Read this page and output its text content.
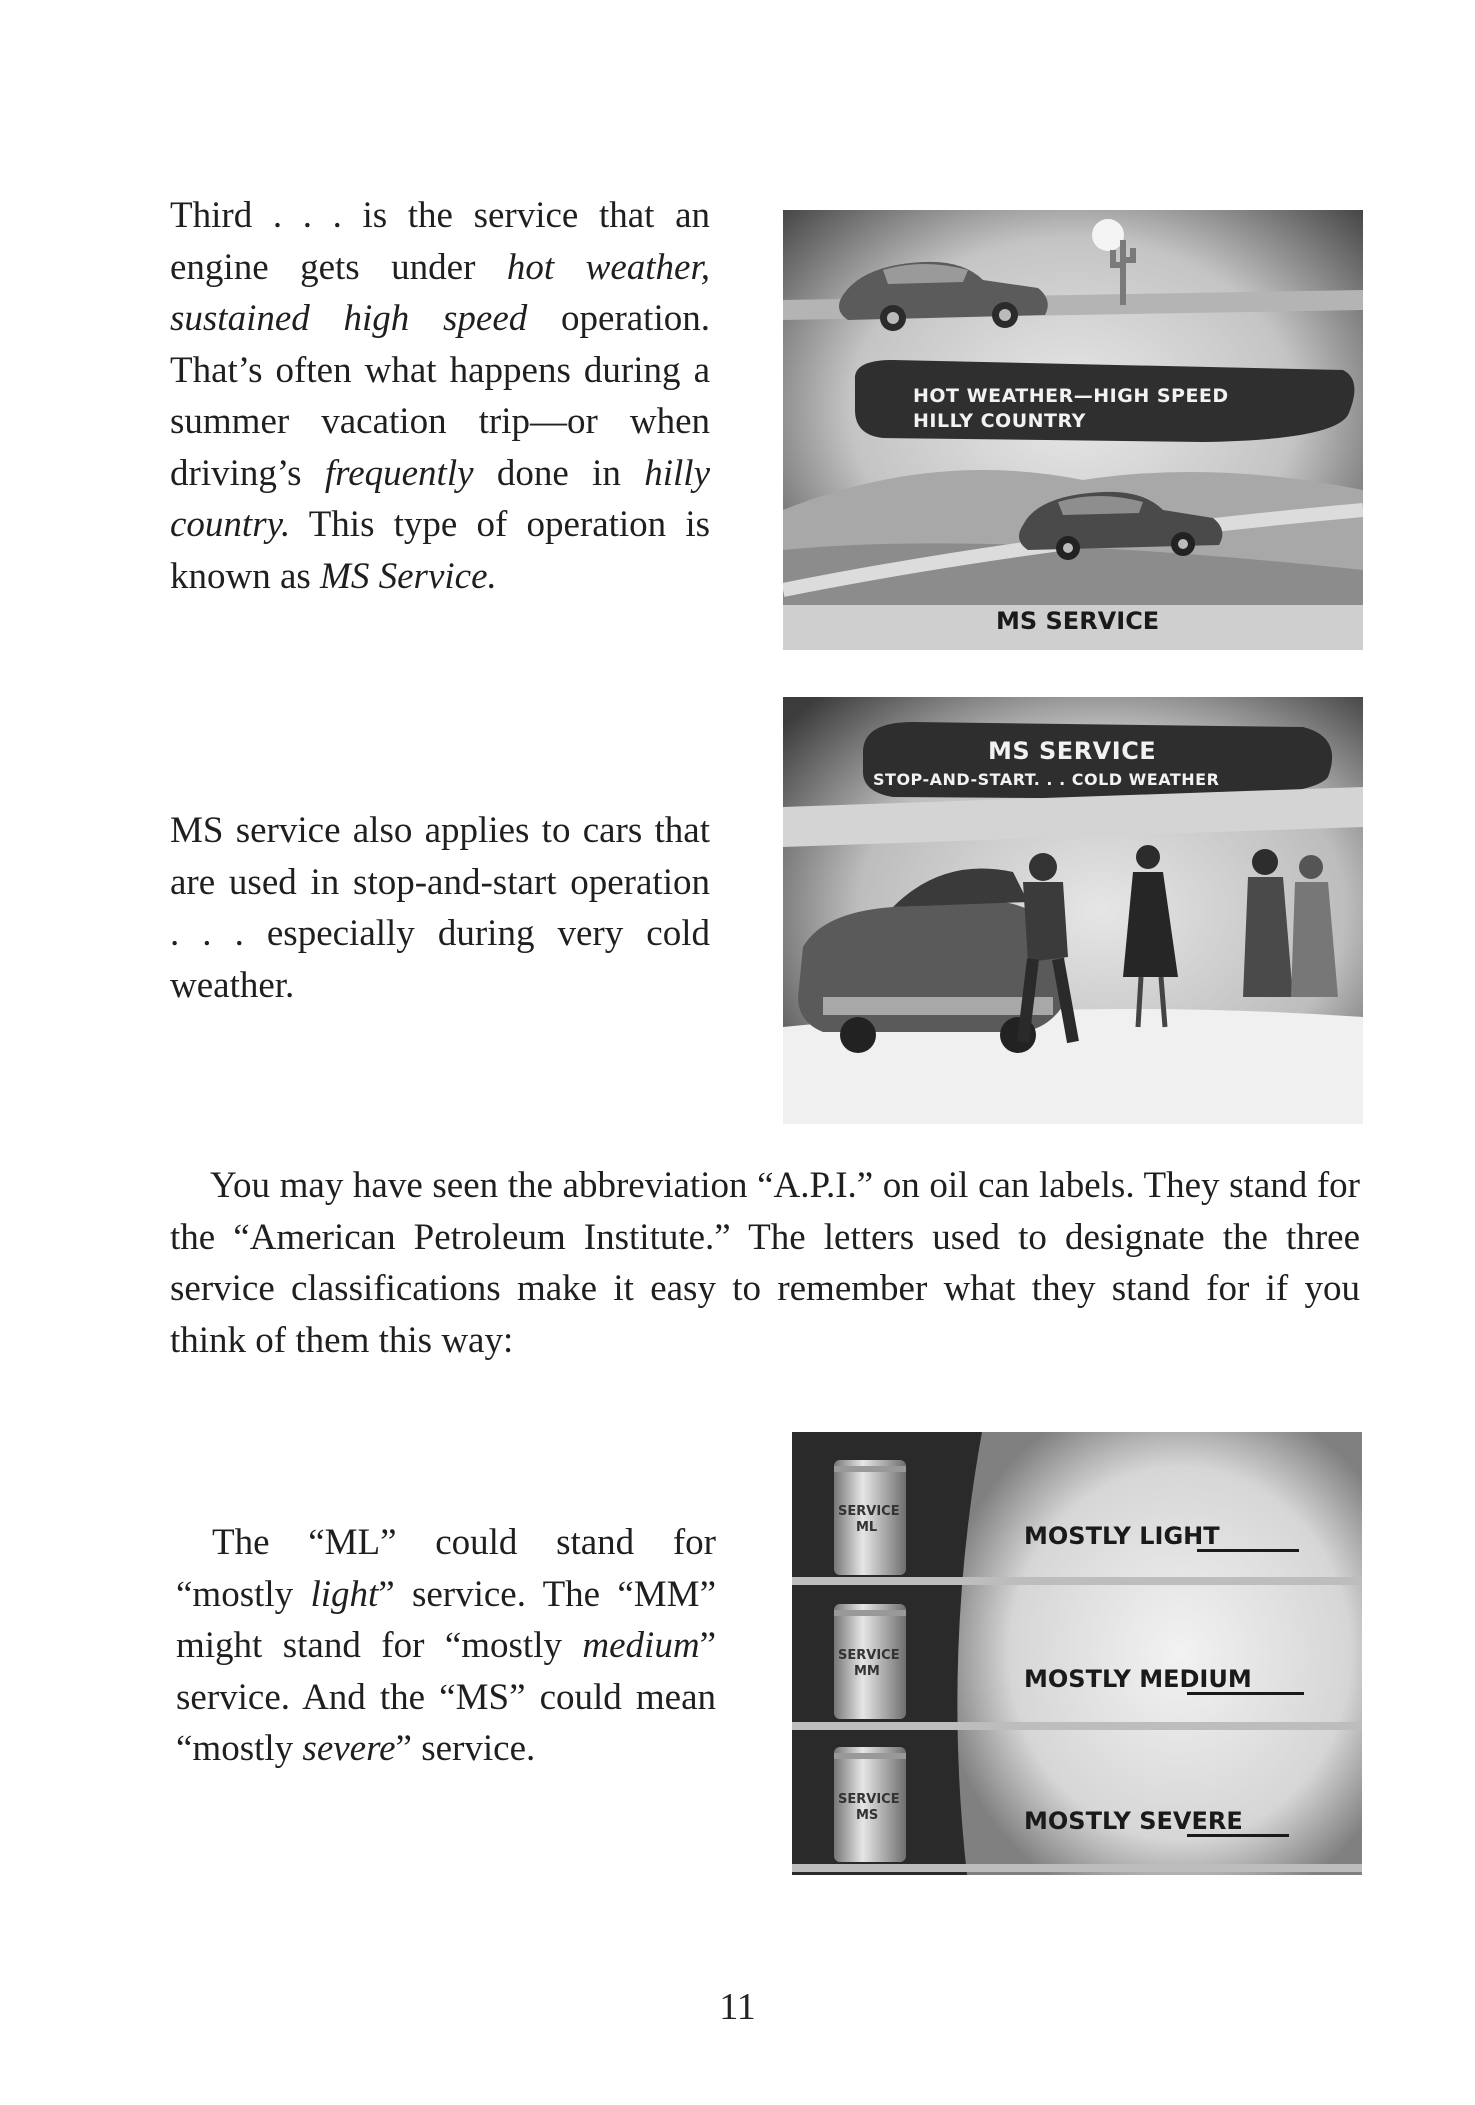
Third . . . is the service that an engine gets under hot weather, sustained high speed operation. That’s often what happens during a summer vacation trip—or when driving’s frequently done in hilly country. This type of operation is known as MS Service.

HOT WEATHER—HIGH SPEED
HILLY COUNTRY
MS SERVICE

MS service also applies to cars that are used in stop-and-start operation . . . especially during very cold weather.

MS SERVICE
STOP-AND-START. . . COLD WEATHER

You may have seen the abbreviation “A.P.I.” on oil can labels. They stand for the “American Petroleum Institute.” The letters used to designate the three service classifications make it easy to remember what they stand for if you think of them this way:

The “ML” could stand for “mostly light” service. The “MM” might stand for “mostly medium” service. And the “MS” could mean “mostly severe” service.

SERVICE
ML
SERVICE
MM
SERVICE
MS
MOSTLY LIGHT
MOSTLY MEDIUM
MOSTLY SEVERE
11
